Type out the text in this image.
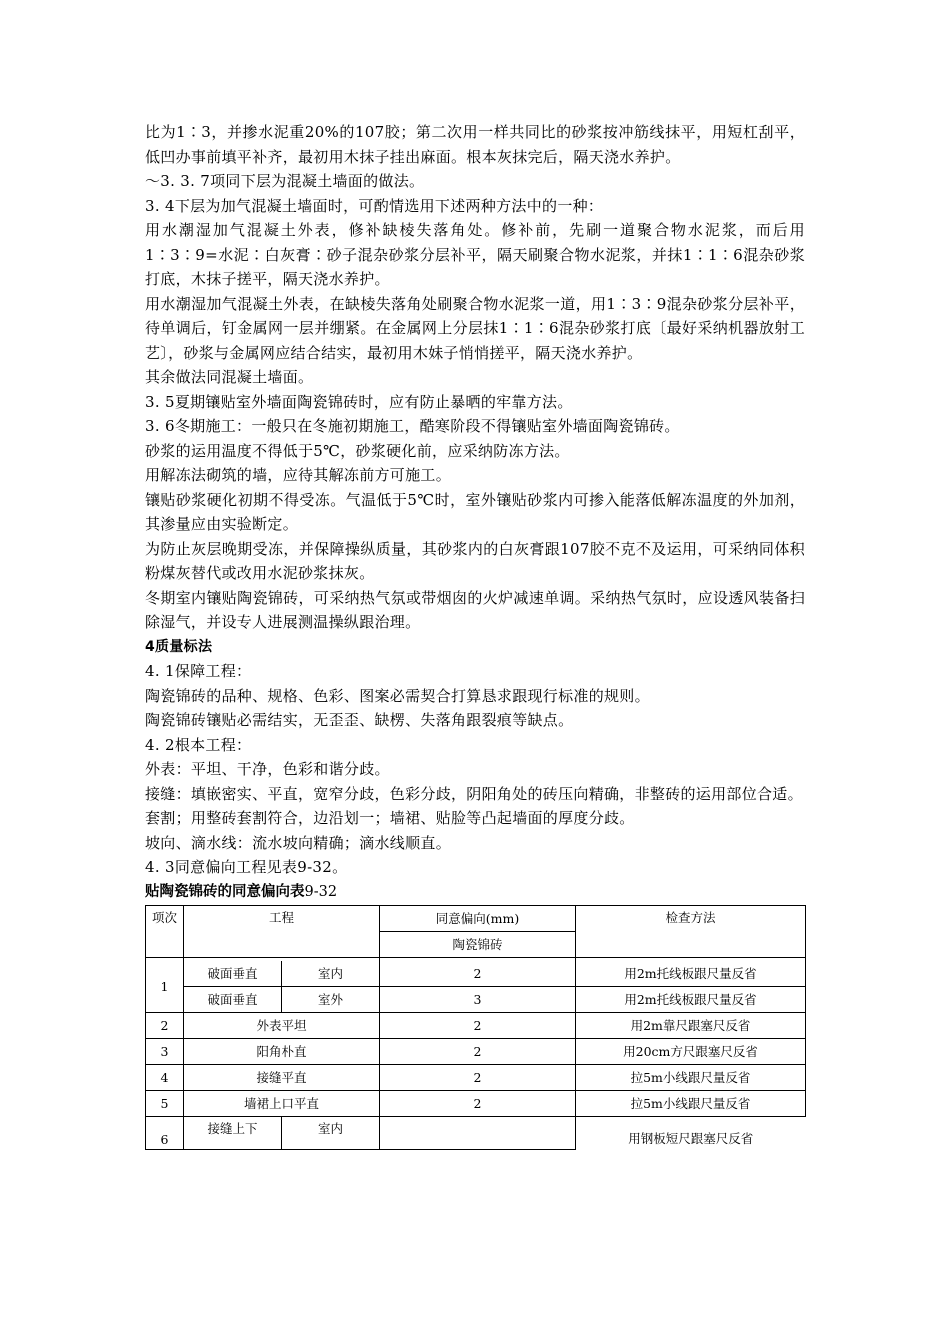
比为1∶3，并掺水泥重20%的107胶；第二次用一样共同比的砂浆按冲筋线抹平，用短杠刮平，低凹办事前填平补齐，最初用木抹子挂出麻面。根本灰抹完后，隔天浇水养护。

〜3. 3. 7项同下层为混凝土墙面的做法。

3. 4下层为加气混凝土墙面时，可酌情选用下述两种方法中的一种：

用水潮湿加气混凝土外表，修补缺棱失落角处。修补前，先刷一道聚合物水泥浆，而后用1∶3∶9=水泥∶白灰膏∶砂子混杂砂浆分层补平，隔天刷聚合物水泥浆，并抹1∶1∶6混杂砂浆打底，木抹子搓平，隔天浇水养护。

用水潮湿加气混凝土外表，在缺棱失落角处刷聚合物水泥浆一道，用1∶3∶9混杂砂浆分层补平，待单调后，钉金属网一层并绷紧。在金属网上分层抹1∶1∶6混杂砂浆打底〔最好采纳机器放射工艺〕，砂浆与金属网应结合结实，最初用木妹子悄悄搓平，隔天浇水养护。

其余做法同混凝土墙面。

3. 5夏期镶贴室外墙面陶瓷锦砖时，应有防止暴晒的牢靠方法。

3. 6冬期施工：一般只在冬施初期施工，酷寒阶段不得镶贴室外墙面陶瓷锦砖。

砂浆的运用温度不得低于5℃，砂浆硬化前，应采纳防冻方法。

用解冻法砌筑的墙，应待其解冻前方可施工。

镶贴砂浆硬化初期不得受冻。气温低于5℃时，室外镶贴砂浆内可掺入能落低解冻温度的外加剂，其渗量应由实验断定。

为防止灰层晚期受冻，并保障操纵质量，其砂浆内的白灰膏跟107胶不克不及运用，可采纳同体积粉煤灰替代或改用水泥砂浆抹灰。

冬期室内镶贴陶瓷锦砖，可采纳热气氛或带烟囱的火炉减速单调。采纳热气氛时，应设透风装备扫除湿气，并设专人进展测温操纵跟治理。

4质量标法

4. 1保障工程：

陶瓷锦砖的品种、规格、色彩、图案必需契合打算恳求跟现行标准的规则。

陶瓷锦砖镶贴必需结实，无歪歪、缺楞、失落角跟裂痕等缺点。

4. 2根本工程：

外表：平坦、干净，色彩和谐分歧。

接缝：填嵌密实、平直，宽窄分歧，色彩分歧，阴阳角处的砖压向精确，非整砖的运用部位合适。

套割；用整砖套割符合，边沿划一；墙裙、贴脸等凸起墙面的厚度分歧。

坡向、滴水线：流水坡向精确；滴水线顺直。

4. 3同意偏向工程见表9-32。

贴陶瓷锦砖的同意偏向表9-32

项次	工程		同意偏向(mm)	检查方法
			陶瓷锦砖	

1	破面垂直	室内	2	用2m托线板跟尺量反省
	破面垂直	室外	3	用2m托线板跟尺量反省
2	外表平坦		2	用2m靠尺跟塞尺反省
3	阳角朴直		2	用20cm方尺跟塞尺反省
4	接缝平直		2	拉5m小线跟尺量反省
5	墙裙上口平直		2	拉5m小线跟尺量反省
6	接缝上下	室内		用钢板短尺跟塞尺反省
